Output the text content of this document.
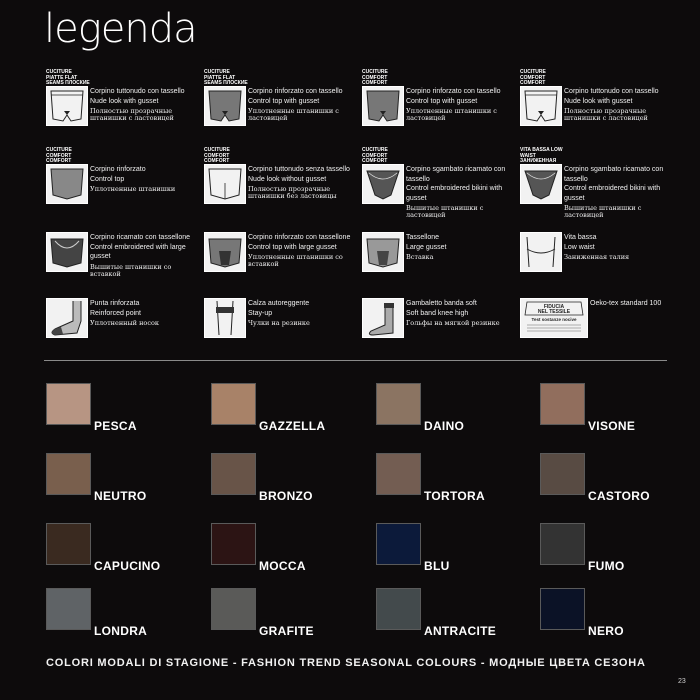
legenda
CUCITURE PIATTE FLAT SEAMS ПЛОСКИЕ
Corpino tuttonudo con tassello
Nude look with gusset
Полностью прозрачные штанишки с ластовицей
CUCITURE PIATTE FLAT SEAMS ПЛОСКИЕ
Corpino rinforzato con tassello
Control top with gusset
Уплотненные штанишки с ластовицей
CUCITURE COMFORT COMFORT
Corpino rinforzato con tassello
Control top with gusset
Уплотненные штанишки с ластовицей
CUCITURE COMFORT COMFORT
Corpino tuttonudo con tassello
Nude look with gusset
Полностью прозрачные штанишки с ластовицей
CUCITURE COMFORT COMFORT
Corpino rinforzato
Control top
Уплотненные штанишки
CUCITURE COMFORT COMFORT
Corpino tuttonudo senza tassello
Nude look without gusset
Полностью прозрачные штанишки без ластовицы
CUCITURE COMFORT COMFORT
Corpino sgambato ricamato con tassello
Control embroidered bikini with gusset
Вышитые штанишки с ластовицей
VITA BASSA LOW WAIST ЗАНИЖЕННАЯ
Corpino sgambato ricamato con tassello
Control embroidered bikini with gusset
Вышитые штанишки с ластовицей
Corpino ricamato con tassellone
Control embroidered with large gusset
Вышитые штанишки со вставкой
Corpino rinforzato con tassellone
Control top with large gusset
Уплотненные штанишки со вставкой
Tassellone
Large gusset
Вставка
Vita bassa
Low waist
Заниженная талия
Punta rinforzata
Reinforced point
Уплотненный носок
Calza autoreggente
Stay-up
Чулки на резинке
Gambaletto banda soft
Soft band knee high
Гольфы на мягкой резинке
FIDUCIA
NEL TESSILE
Test sostanze nocive
Oeko-tex standard 100
PESCA	GAZZELLA	DAINO	VISONE
NEUTRO	BRONZO	TORTORA	CASTORO
CAPUCINO	MOCCA	BLU	FUMO
LONDRA	GRAFITE	ANTRACITE	NERO
COLORI MODALI DI STAGIONE - FASHION TREND SEASONAL COLOURS - МОДНЫЕ ЦВЕТА СЕЗОНА
23
